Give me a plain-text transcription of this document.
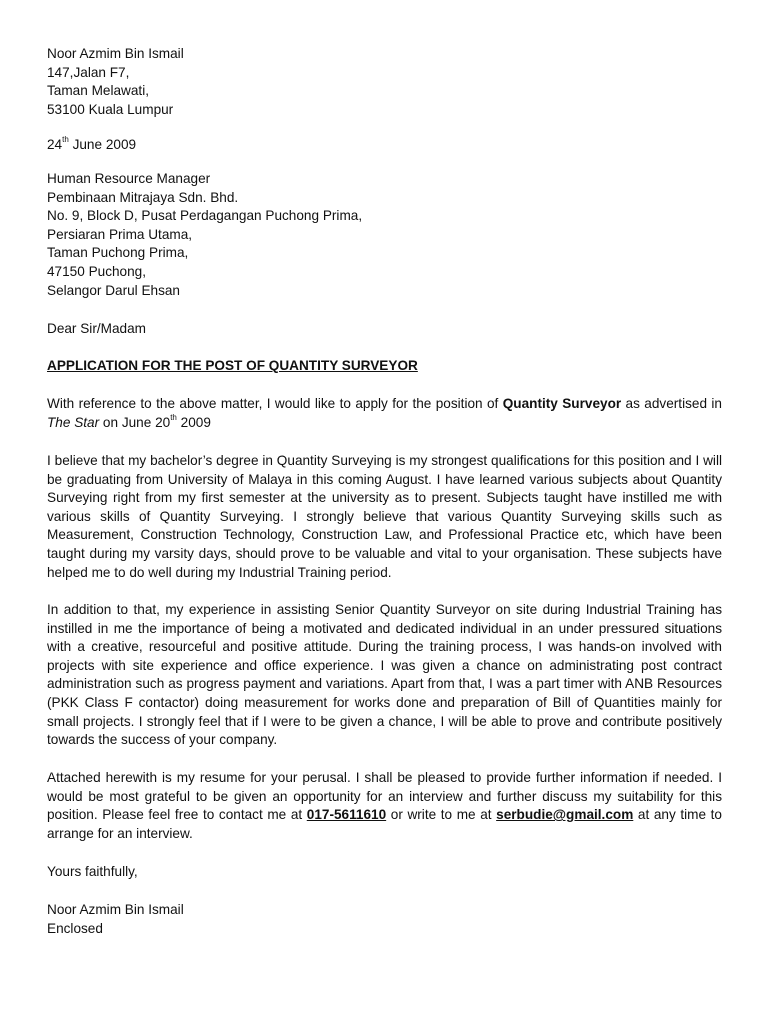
Noor Azmim Bin Ismail
147,Jalan F7,
Taman Melawati,
53100 Kuala Lumpur
24th June 2009
Human Resource Manager
Pembinaan Mitrajaya Sdn. Bhd.
No. 9, Block D, Pusat Perdagangan Puchong Prima,
Persiaran Prima Utama,
Taman Puchong Prima,
47150 Puchong,
Selangor Darul Ehsan
Dear Sir/Madam
APPLICATION FOR THE POST OF QUANTITY SURVEYOR
With reference to the above matter, I would like to apply for the position of Quantity Surveyor as advertised in The Star on June 20th 2009
I believe that my bachelor’s degree in Quantity Surveying is my strongest qualifications for this position and I will be graduating from University of Malaya in this coming August. I have learned various subjects about Quantity Surveying right from my first semester at the university as to present. Subjects taught have instilled me with various skills of Quantity Surveying. I strongly believe that various Quantity Surveying skills such as Measurement, Construction Technology, Construction Law, and Professional Practice etc, which have been taught during my varsity days, should prove to be valuable and vital to your organisation. These subjects have helped me to do well during my Industrial Training period.
In addition to that, my experience in assisting Senior Quantity Surveyor on site during Industrial Training has instilled in me the importance of being a motivated and dedicated individual in an under pressured situations with a creative, resourceful and positive attitude. During the training process, I was hands-on involved with projects with site experience and office experience. I was given a chance on administrating post contract administration such as progress payment and variations. Apart from that, I was a part timer with ANB Resources (PKK Class F contactor) doing measurement for works done and preparation of Bill of Quantities mainly for small projects. I strongly feel that if I were to be given a chance, I will be able to prove and contribute positively towards the success of your company.
Attached herewith is my resume for your perusal. I shall be pleased to provide further information if needed. I would be most grateful to be given an opportunity for an interview and further discuss my suitability for this position. Please feel free to contact me at 017-5611610 or write to me at serbudie@gmail.com at any time to arrange for an interview.
Yours faithfully,
Noor Azmim Bin Ismail
Enclosed
